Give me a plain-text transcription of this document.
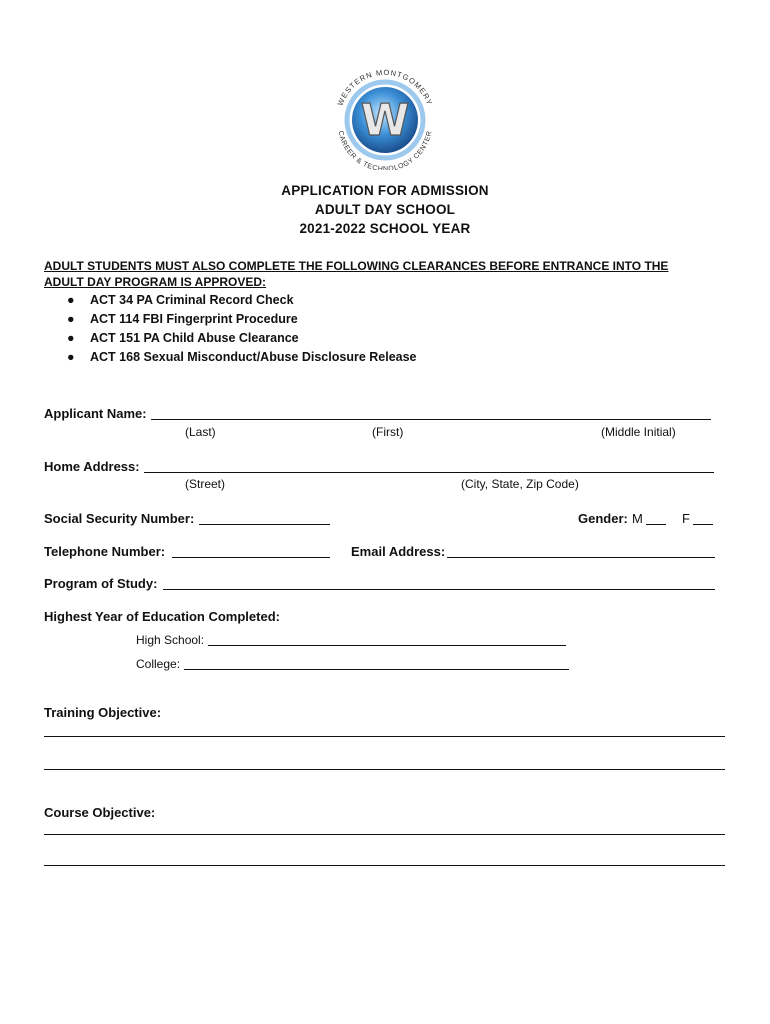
W
WESTERN MONTGOMERY
CAREER & TECHNOLOGY CENTER
APPLICATION FOR ADMISSION
ADULT DAY SCHOOL
2021-2022 SCHOOL YEAR
ADULT STUDENTS MUST ALSO COMPLETE THE FOLLOWING CLEARANCES BEFORE ENTRANCE INTO THE
ADULT DAY PROGRAM IS APPROVED:
● ACT 34 PA Criminal Record Check
● ACT 114 FBI Fingerprint Procedure
● ACT 151 PA Child Abuse Clearance
● ACT 168 Sexual Misconduct/Abuse Disclosure Release
Applicant Name:
(Last)	(First)	(Middle Initial)
Home Address:
(Street)	(City, State, Zip Code)
Social Security Number:	Gender: M	F
Telephone Number:	Email Address:
Program of Study:
Highest Year of Education Completed:
High School:
College:
Training Objective:
Course Objective:
